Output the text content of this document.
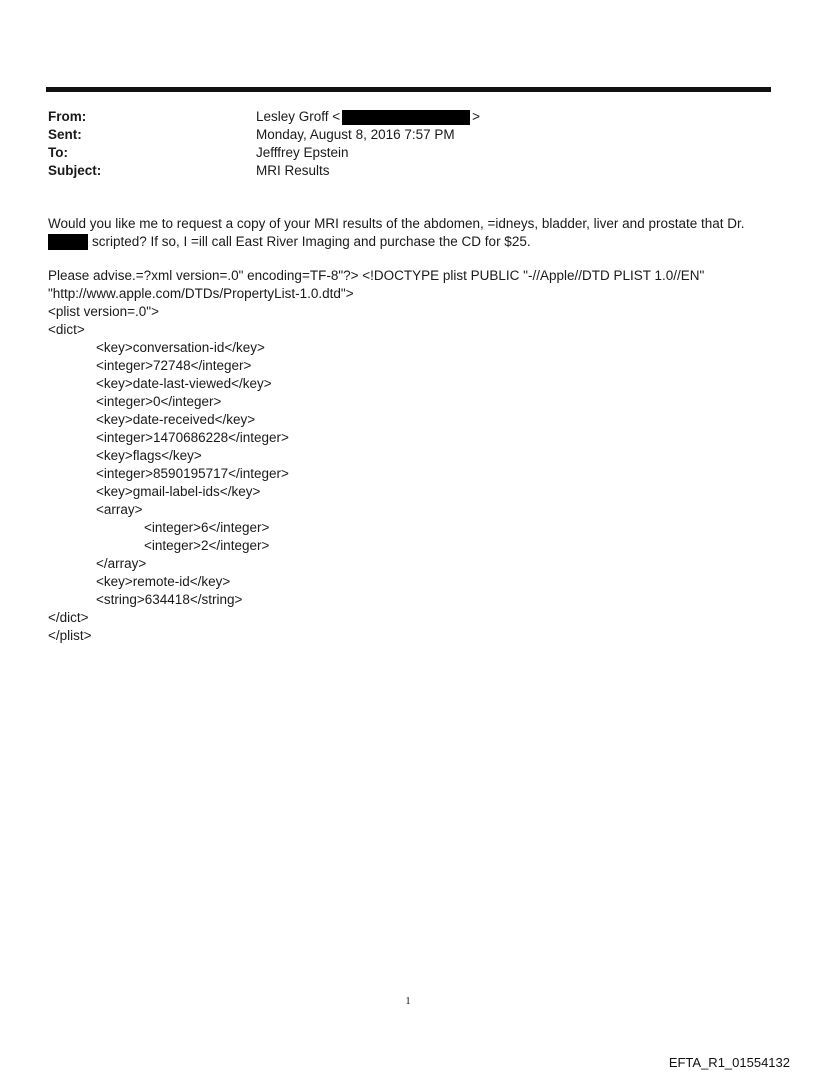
From:	Lesley Groff <	>
Sent:	Monday, August 8, 2016 7:57 PM
To:	Jefffrey Epstein
Subject:	MRI Results
Would you like me to request a copy of your MRI results of the abdomen, =idneys, bladder, liver and prostate that Dr.
scripted? If so, I =ill call East River Imaging and purchase the CD for $25.
Please advise.=?xml version=.0" encoding=TF-8"?> <!DOCTYPE plist PUBLIC "-//Apple//DTD PLIST 1.0//EN"
"http://www.apple.com/DTDs/PropertyList-1.0.dtd">
<plist version=.0">
<dict>
<key>conversation-id</key>
<integer>72748</integer>
<key>date-last-viewed</key>
<integer>0</integer>
<key>date-received</key>
<integer>1470686228</integer>
<key>flags</key>
<integer>8590195717</integer>
<key>gmail-label-ids</key>
<array>
<integer>6</integer>
<integer>2</integer>
</array>
<key>remote-id</key>
<string>634418</string>
</dict>
</plist>
1
EFTA_R1_01554132
